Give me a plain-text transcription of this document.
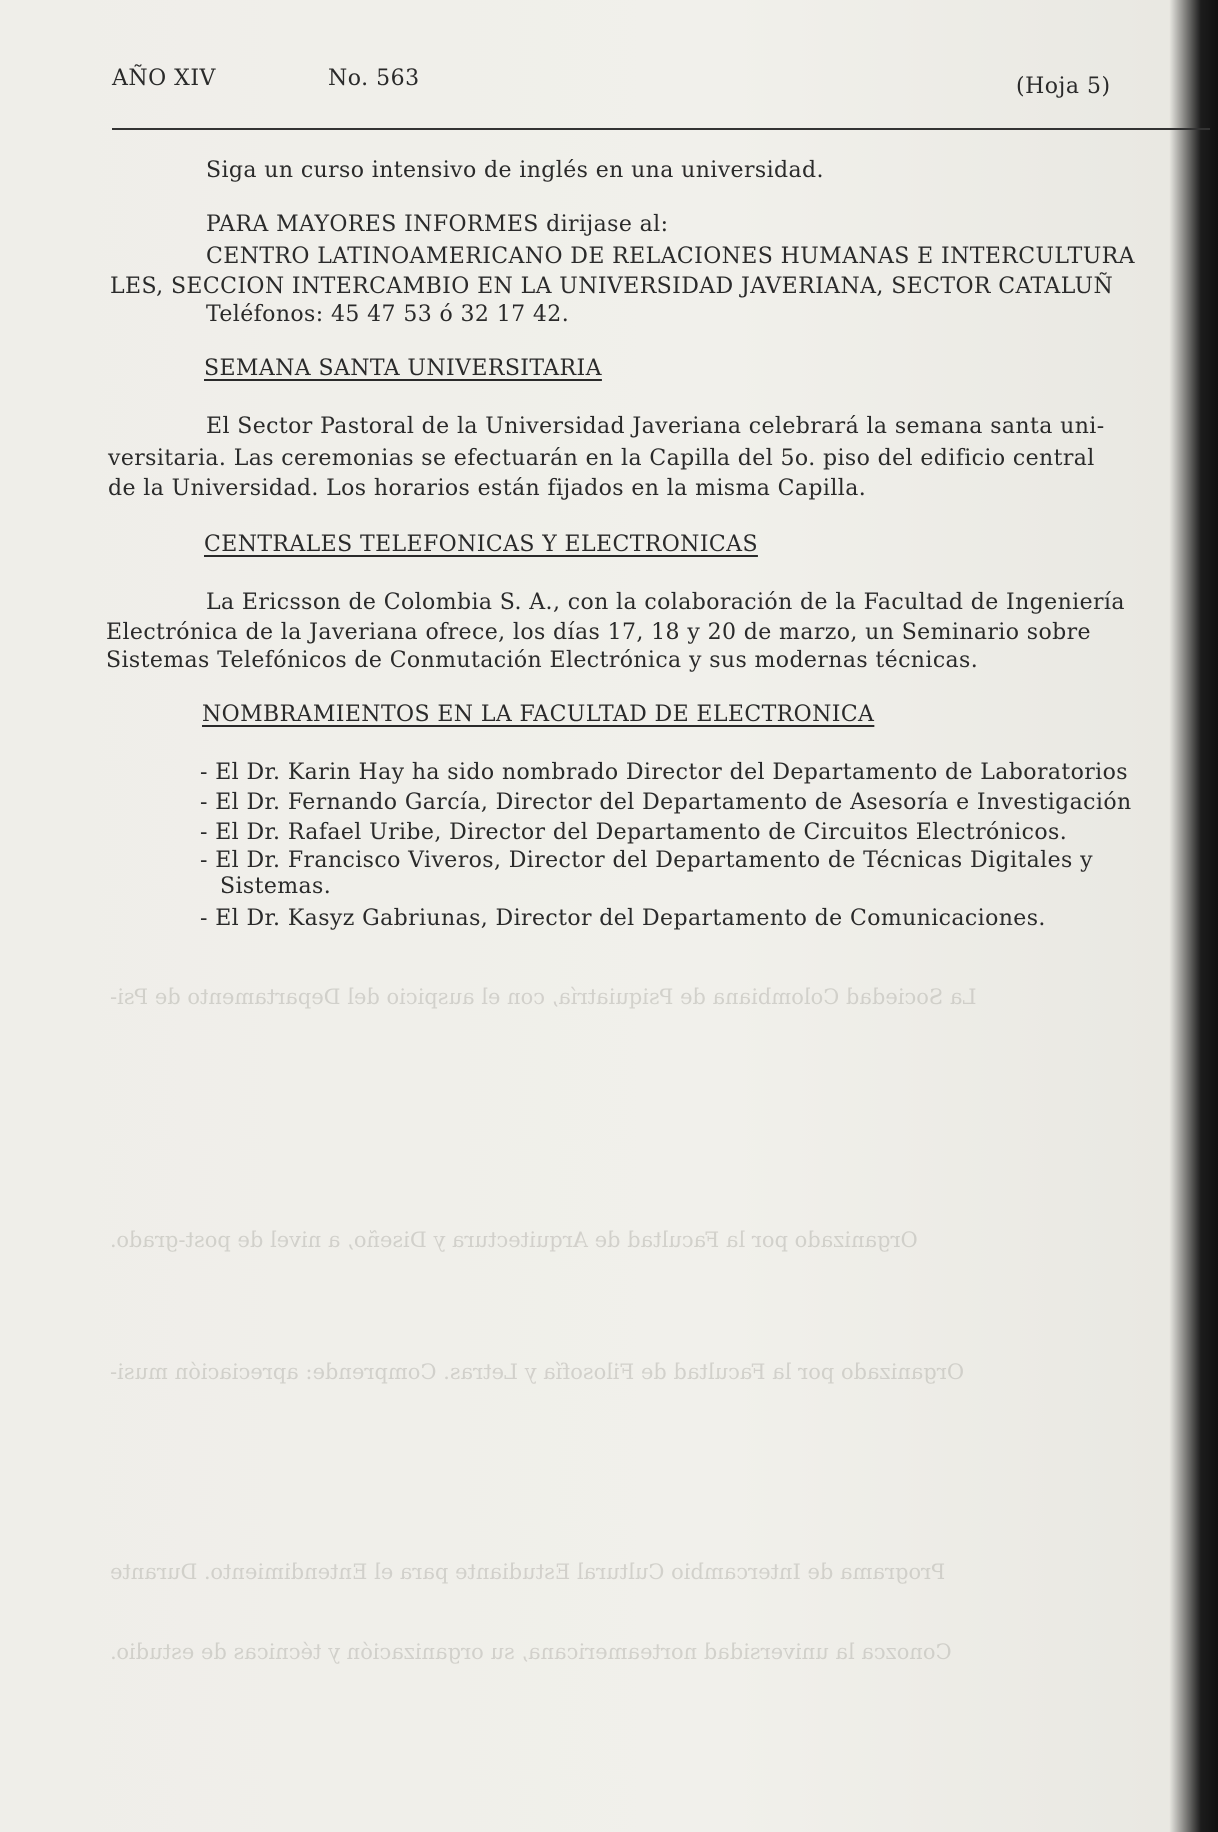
La Sociedad Colombiana de Psiquiatría, con el auspicio del Departamento de Psi-
Organizado por la Facultad de Arquitectura y Diseño, a nivel de post-grado.
Organizado por la Facultad de Filosofía y Letras. Comprende: apreciación musi-
Programa de Intercambio Cultural Estudiante para el Entendimiento. Durante
Conozca la universidad norteamericana, su organización y técnicas de estudio.
AÑO XIV	No. 563	(Hoja 5)
Siga un curso intensivo de inglés en una universidad.
PARA MAYORES INFORMES dirijase al:
CENTRO LATINOAMERICANO DE RELACIONES HUMANAS E INTERCULTURA
LES, SECCION INTERCAMBIO EN LA UNIVERSIDAD JAVERIANA, SECTOR CATALUÑ
Teléfonos: 45 47 53 ó 32 17 42.
SEMANA SANTA UNIVERSITARIA
El Sector Pastoral de la Universidad Javeriana celebrará la semana santa uni-
versitaria. Las ceremonias se efectuarán en la Capilla del 5o. piso del edificio central
de la Universidad. Los horarios están fijados en la misma Capilla.
CENTRALES TELEFONICAS Y ELECTRONICAS
La Ericsson de Colombia S. A., con la colaboración de la Facultad de Ingeniería
Electrónica de la Javeriana ofrece, los días 17, 18 y 20 de marzo, un Seminario sobre
Sistemas Telefónicos de Conmutación Electrónica y sus modernas técnicas.
NOMBRAMIENTOS EN LA FACULTAD DE ELECTRONICA
- El Dr. Karin Hay ha sido nombrado Director del Departamento de Laboratorios
- El Dr. Fernando García, Director del Departamento de Asesoría e Investigación
- El Dr. Rafael Uribe, Director del Departamento de Circuitos Electrónicos.
- El Dr. Francisco Viveros, Director del Departamento de Técnicas Digitales y
Sistemas.
- El Dr. Kasyz Gabriunas, Director del Departamento de Comunicaciones.
